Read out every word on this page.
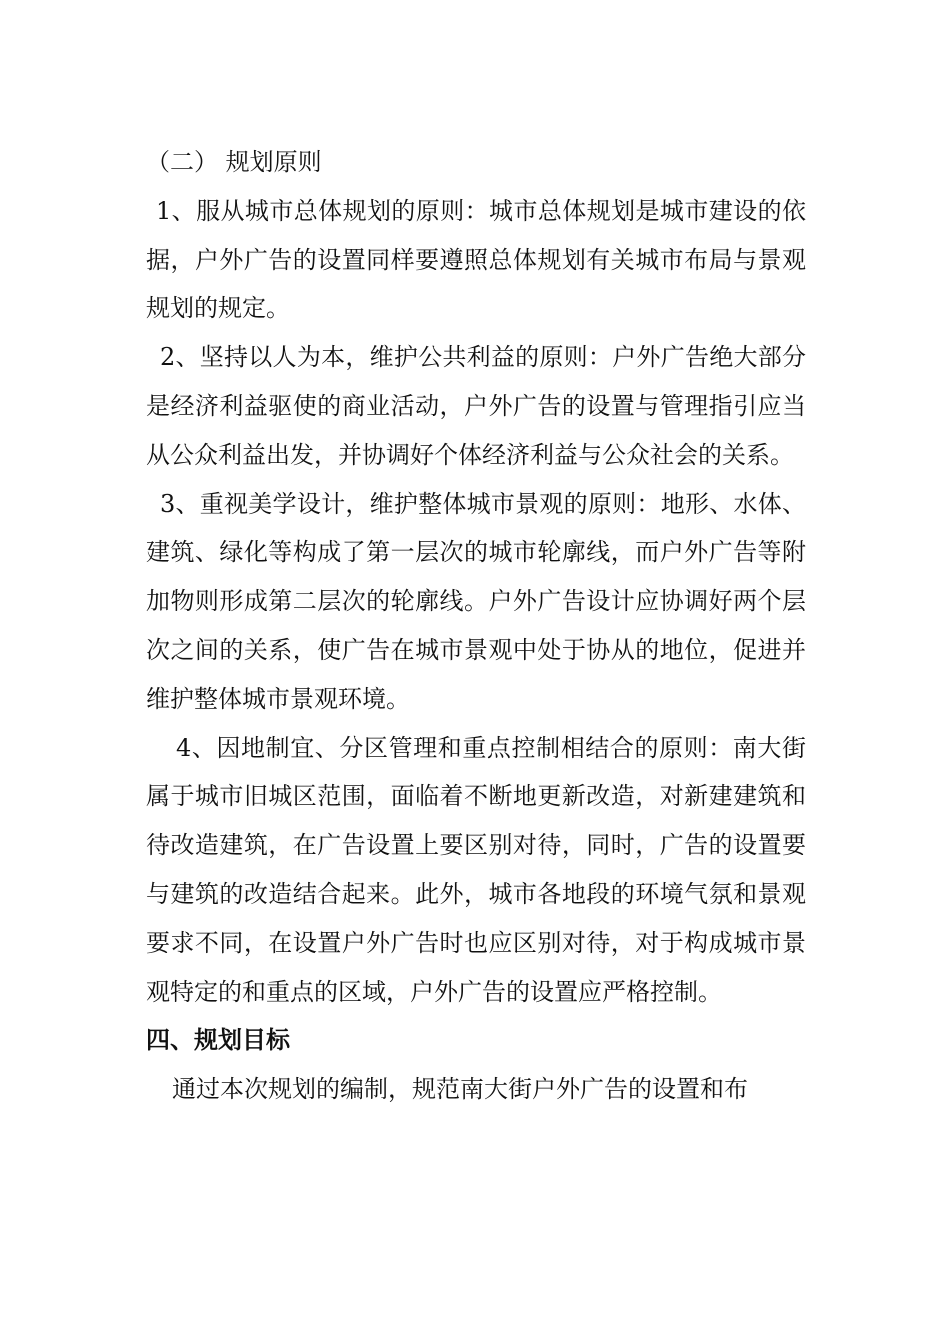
（二） 规划原则

1、服从城市总体规划的原则：城市总体规划是城市建设的依据，户外广告的设置同样要遵照总体规划有关城市布局与景观规划的规定。

2、坚持以人为本，维护公共利益的原则：户外广告绝大部分是经济利益驱使的商业活动，户外广告的设置与管理指引应当从公众利益出发，并协调好个体经济利益与公众社会的关系。

3、重视美学设计，维护整体城市景观的原则：地形、水体、建筑、绿化等构成了第一层次的城市轮廓线，而户外广告等附加物则形成第二层次的轮廓线。户外广告设计应协调好两个层次之间的关系，使广告在城市景观中处于协从的地位，促进并维护整体城市景观环境。

4、因地制宜、分区管理和重点控制相结合的原则：南大街属于城市旧城区范围，面临着不断地更新改造，对新建建筑和待改造建筑，在广告设置上要区别对待，同时，广告的设置要与建筑的改造结合起来。此外，城市各地段的环境气氛和景观要求不同，在设置户外广告时也应区别对待，对于构成城市景观特定的和重点的区域，户外广告的设置应严格控制。

四、规划目标

通过本次规划的编制，规范南大街户外广告的设置和布
